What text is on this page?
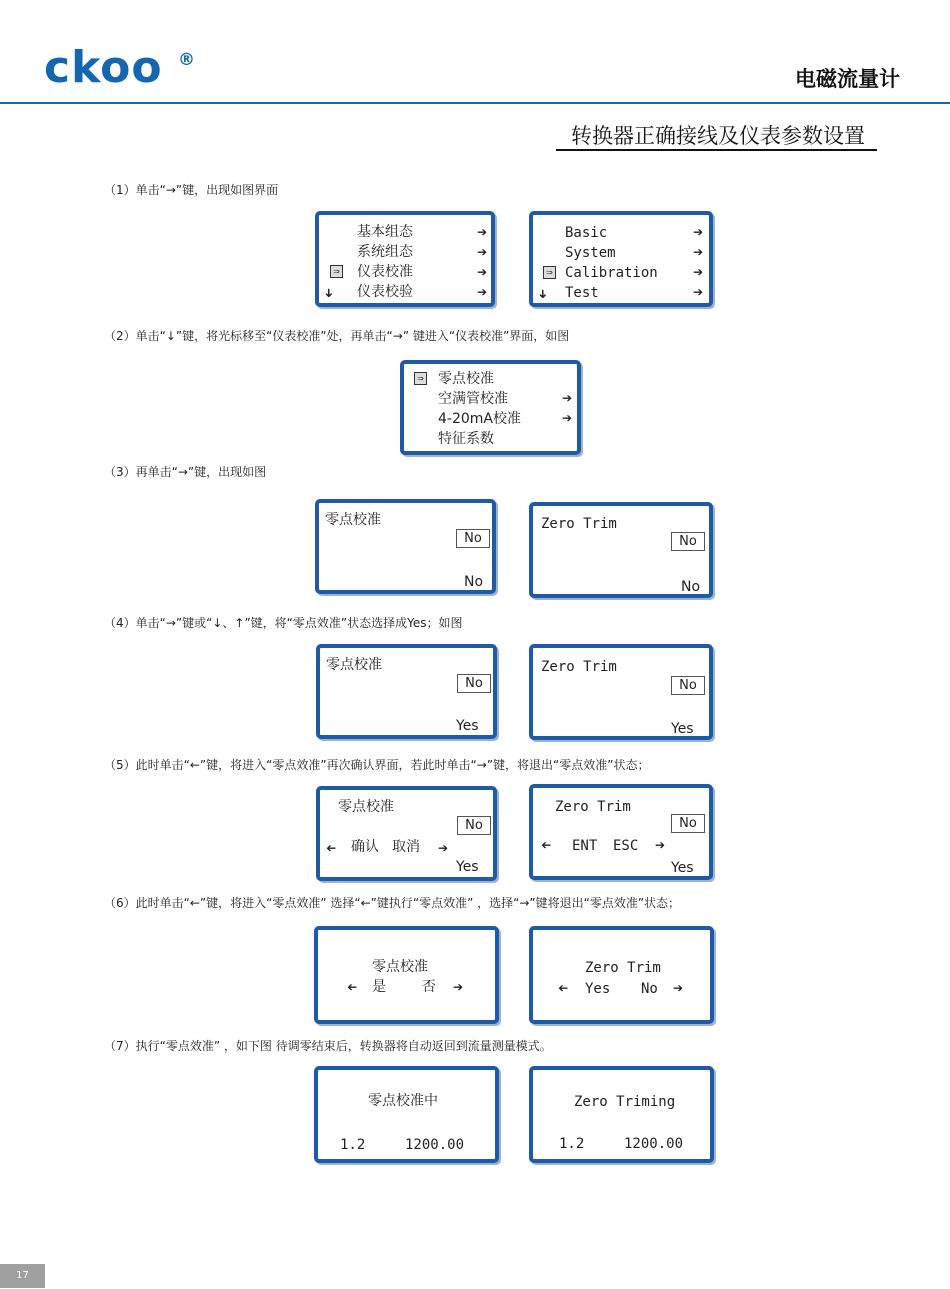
ckoo ®
电磁流量计
转换器正确接线及仪表参数设置
（1）单击“→”键，出现如图界面
（2）单击“↓”键，将光标移至“仪表校准”处，再单击“→” 键进入“仪表校准”界面，如图
（3）再单击“→”键，出现如图
（4）单击“→”键或“↓、↑”键，将“零点效准”状态选择成Yes；如图
（5）此时单击“←”键，将进入“零点效准”再次确认界面，若此时单击“→”键，将退出“零点效准”状态；
（6）此时单击“←”键，将进入“零点效准” 选择“←”键执行“零点效准” ，选择“→”键将退出“零点效准”状态；
（7）执行“零点效准” ，如下图 待调零结束后，转换器将自动返回到流量测量模式。
基本组态
系统组态
仪表校准
仪表校验
➔
➔
➔
➔
⇒
➜
Basic
System
Calibration
Test
➔
➔
➔
➔
⇒
➜
⇒ 零点校准
空满管校准
4-20mA校准
特征系数
➔
➔
零点校准
No
No
Zero Trim
No
No
零点校准
No
Yes
Zero Trim
No
Yes
零点校准
No
➔ 确认 取消 ➔
Yes
Zero Trim
No
➔ ENT ESC ➔
Yes
零点校准
➔ 是	否 ➔
Zero Trim
➔ Yes No ➔
零点校准中
1.2	1200.00
Zero Triming
1.2	1200.00
17
